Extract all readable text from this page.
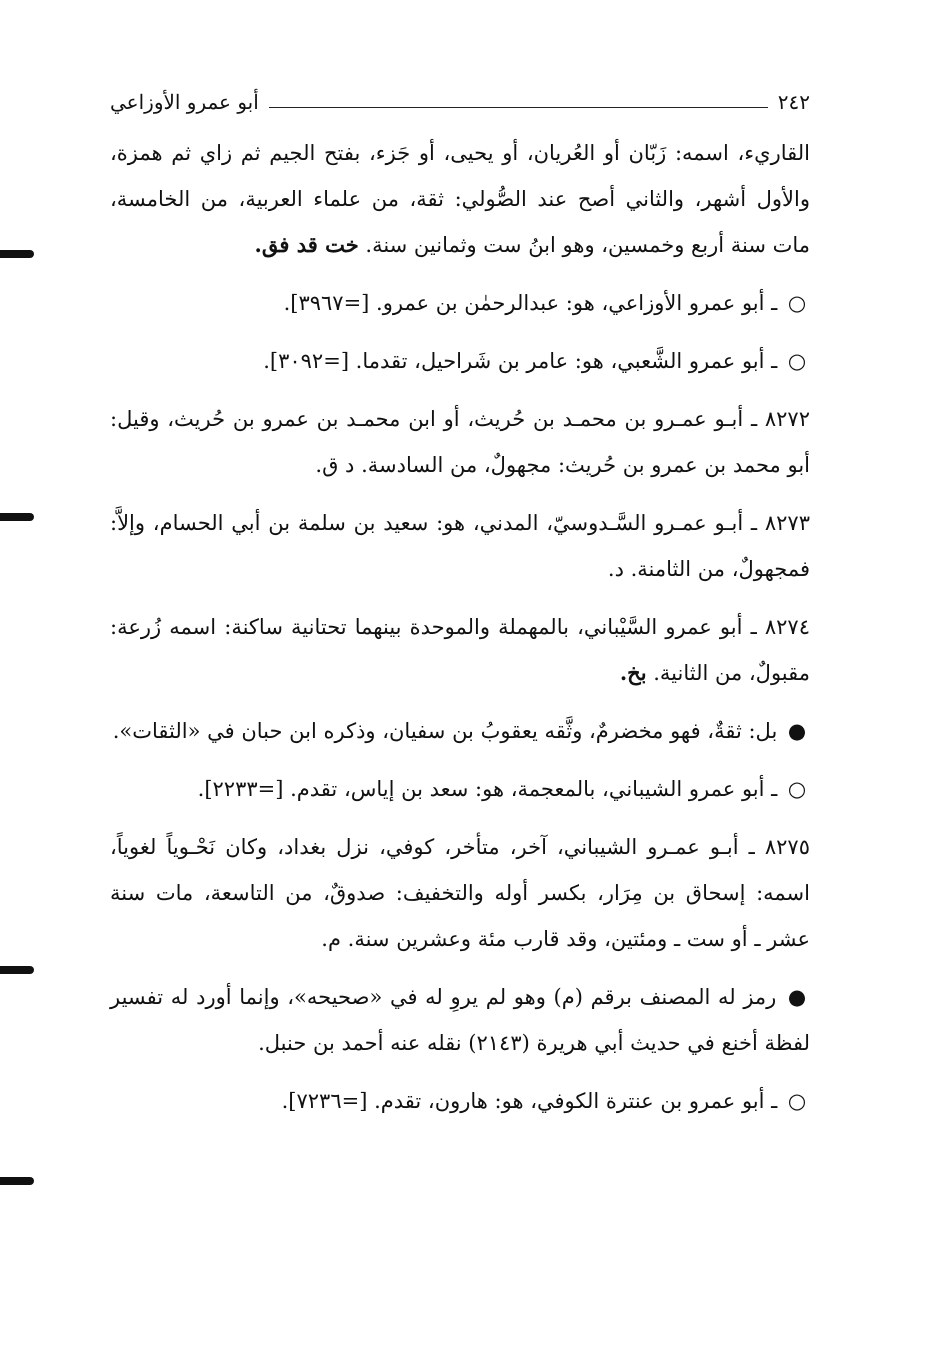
٢٤٢
أبو عمرو الأوزاعي

القاريء، اسمه: زَبّان أو العُريان، أو يحيى، أو جَزء، بفتح الجيم ثم زاي ثم همزة، والأول أشهر، والثاني أصح عند الصُّولي: ثقة، من علماء العربية، من الخامسة، مات سنة أربع وخمسين، وهو ابنُ ست وثمانين سنة. خت قد فق.

○ ـ أبو عمرو الأوزاعي، هو: عبدالرحمٰن بن عمرو. [=٣٩٦٧].

○ ـ أبو عمرو الشَّعبي، هو: عامر بن شَراحيل، تقدما. [=٣٠٩٢].

٨٢٧٢ ـ أبـو عمـرو بن محمـد بن حُريث، أو ابن محمـد بن عمرو بن حُريث، وقيل: أبو محمد بن عمرو بن حُريث: مجهولٌ، من السادسة. د ق.

٨٢٧٣ ـ أبـو عمـرو السَّـدوسيّ، المدني، هو: سعيد بن سلمة بن أبي الحسام، وإلاَّ: فمجهولٌ، من الثامنة. د.

٨٢٧٤ ـ أبو عمرو السَّيْباني، بالمهملة والموحدة بينهما تحتانية ساكنة: اسمه زُرعة: مقبولٌ، من الثانية. بخ.

● بل: ثقةٌ، فهو مخضرمٌ، وثَّقه يعقوبُ بن سفيان، وذكره ابن حبان في «الثقات».

○ ـ أبو عمرو الشيباني، بالمعجمة، هو: سعد بن إياس، تقدم. [=٢٢٣٣].

٨٢٧٥ ـ أبـو عمـرو الشيباني، آخر، متأخر، كوفي، نزل بغداد، وكان نَحْـوياً لغوياً، اسمه: إسحاق بن مِرَار، بكسر أوله والتخفيف: صدوقٌ، من التاسعة، مات سنة عشر ـ أو ست ـ ومئتين، وقد قارب مئة وعشرين سنة. م.

● رمز له المصنف برقم (م) وهو لم يروِ له في «صحيحه»، وإنما أورد له تفسير لفظة أخنع في حديث أبي هريرة (٢١٤٣) نقله عنه أحمد بن حنبل.

○ ـ أبو عمرو بن عنترة الكوفي، هو: هارون، تقدم. [=٧٢٣٦].
